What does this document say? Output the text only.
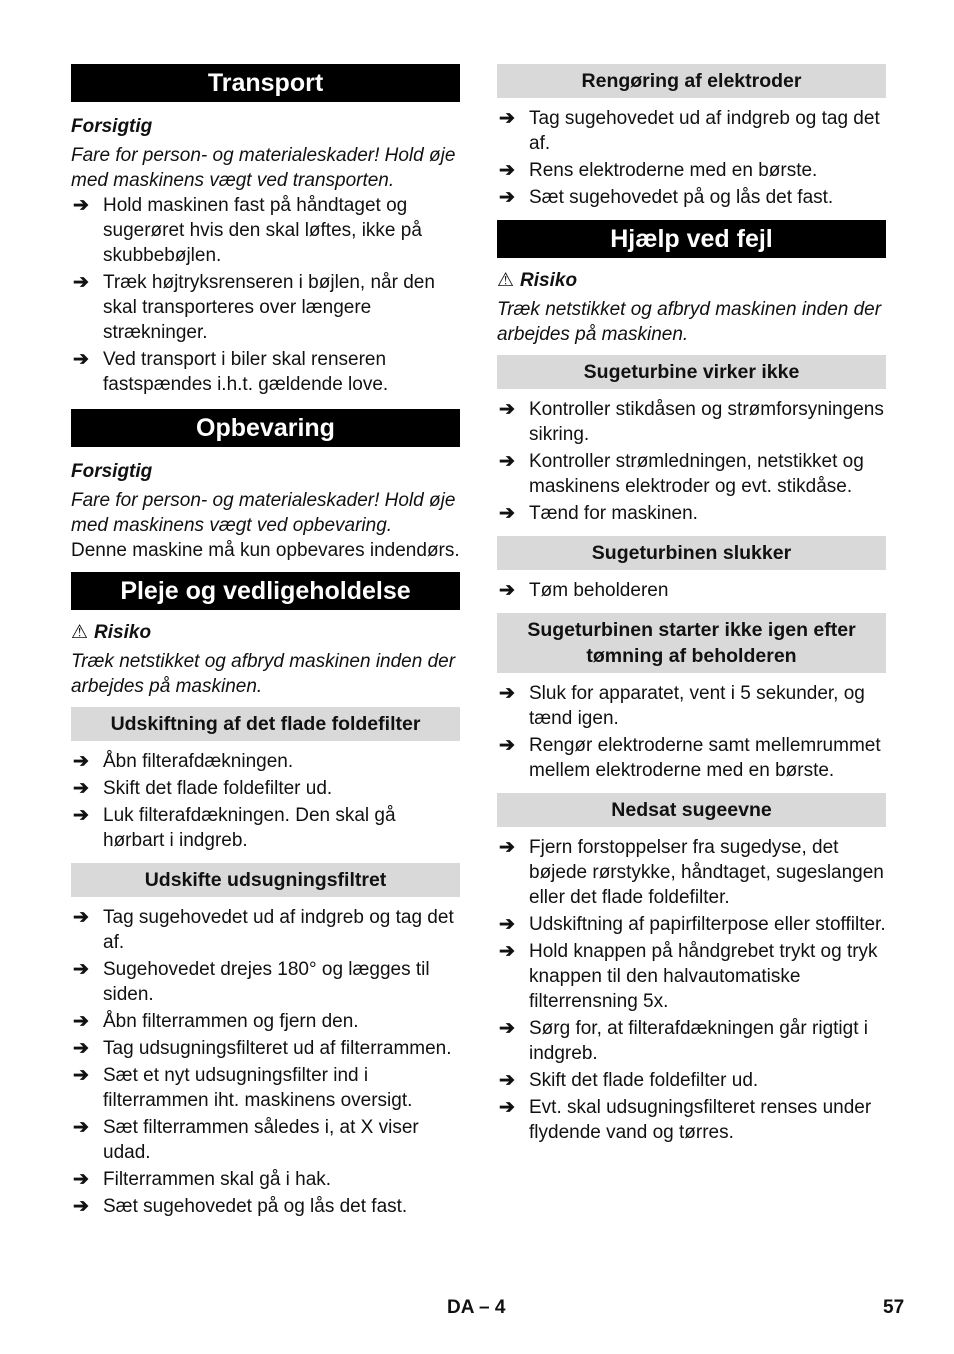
Transport

Forsigtig

Fare for person- og materialeskader! Hold øje med maskinens vægt ved transporten.

➔ Hold maskinen fast på håndtaget og sugerøret hvis den skal løftes, ikke på skubbebøjlen.
➔ Træk højtryksrenseren i bøjlen, når den skal transporteres over længere strækninger.
➔ Ved transport i biler skal renseren fastspændes i.h.t. gældende love.
Opbevaring

Forsigtig

Fare for person- og materialeskader! Hold øje med maskinens vægt ved opbevaring.

Denne maskine må kun opbevares indendørs.

Pleje og vedligeholdelse

⚠ Risiko

Træk netstikket og afbryd maskinen inden der arbejdes på maskinen.

Udskiftning af det flade foldefilter
➔ Åbn filterafdækningen.
➔ Skift det flade foldefilter ud.
➔ Luk filterafdækningen. Den skal gå hørbart i indgreb.
Udskifte udsugningsfiltret
➔ Tag sugehovedet ud af indgreb og tag det af.
➔ Sugehovedet drejes 180° og lægges til siden.
➔ Åbn filterrammen og fjern den.
➔ Tag udsugningsfilteret ud af filterrammen.
➔ Sæt et nyt udsugningsfilter ind i filterrammen iht. maskinens oversigt.
➔ Sæt filterrammen således i, at X viser udad.
➔ Filterrammen skal gå i hak.
➔ Sæt sugehovedet på og lås det fast.
Rengøring af elektroder
➔ Tag sugehovedet ud af indgreb og tag det af.
➔ Rens elektroderne med en børste.
➔ Sæt sugehovedet på og lås det fast.
Hjælp ved fejl

⚠ Risiko

Træk netstikket og afbryd maskinen inden der arbejdes på maskinen.

Sugeturbine virker ikke
➔ Kontroller stikdåsen og strømforsyningens sikring.
➔ Kontroller strømledningen, netstikket og maskinens elektroder og evt. stikdåse.
➔ Tænd for maskinen.
Sugeturbinen slukker
➔ Tøm beholderen
Sugeturbinen starter ikke igen efter tømning af beholderen
➔ Sluk for apparatet, vent i 5 sekunder, og tænd igen.
➔ Rengør elektroderne samt mellemrummet mellem elektroderne med en børste.
Nedsat sugeevne
➔ Fjern forstoppelser fra sugedyse, det bøjede rørstykke, håndtaget, sugeslangen eller det flade foldefilter.
➔ Udskiftning af papirfilterpose eller stoffilter.
➔ Hold knappen på håndgrebet trykt og tryk knappen til den halvautomatiske filterrensning 5x.
➔ Sørg for, at filterafdækningen går rigtigt i indgreb.
➔ Skift det flade foldefilter ud.
➔ Evt. skal udsugningsfilteret renses under flydende vand og tørres.
DA – 4	57
